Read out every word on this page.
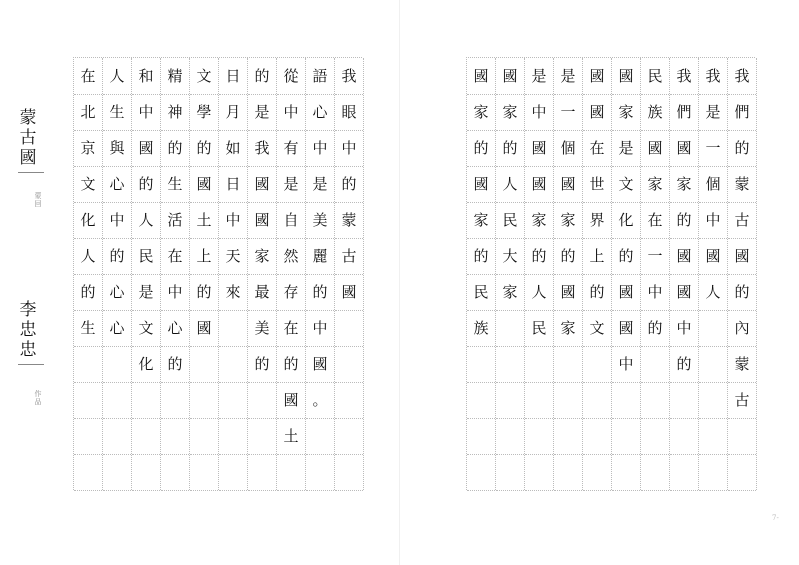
蒙
古
國
蒙回
李
忠
忠
作品
我
眼
中
的
蒙
古
國
語
心
中
是
美
麗
的
中
國
。
從
中
有
是
自
然
存
在
的
國
土
的
是
我
國
國
家
最
美
的
日
月
如
日
中
天
來
文
學
的
國
土
上
的
國
精
神
的
生
活
在
中
心
的
和
中
國
的
人
民
是
文
化
人
生
與
心
中
的
心
心
在
北
京
文
化
人
的
生
我
們
的
蒙
古
國
的
內
蒙
古
我
是
一
個
中
國
人
我
們
國
家
的
國
國
中
的
民
族
國
家
在
一
中
的
國
家
是
文
化
的
國
國
中
國
國
在
世
界
上
的
文
是
一
個
國
家
的
國
家
是
中
國
國
家
的
人
民
國
家
的
人
民
大
家
國
家
的
國
家
的
民
族
7-
